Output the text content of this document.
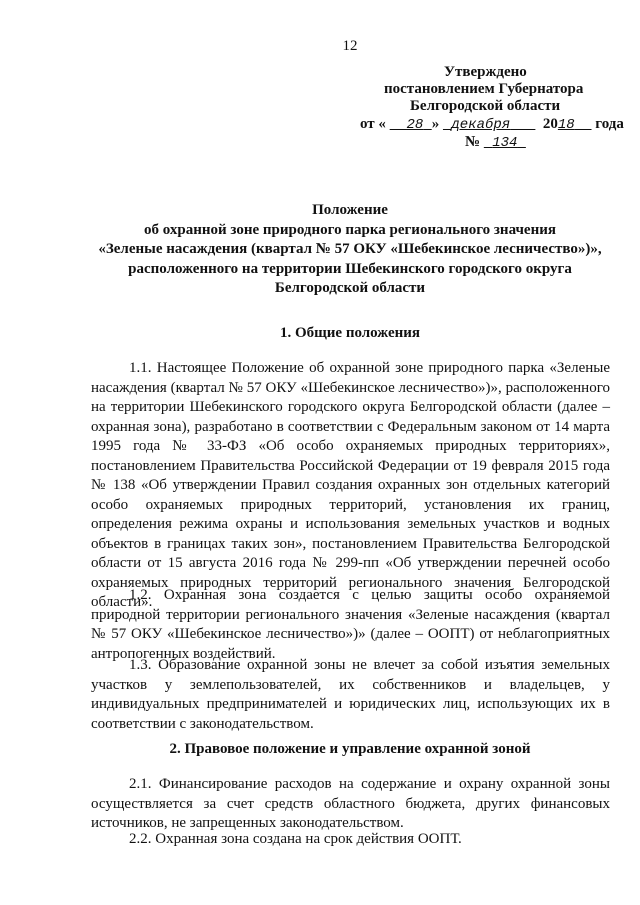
12
Утверждено
постановлением Губернатора
Белгородской области
от « 28 » декабря 2018 года
№ 134
Положение
об охранной зоне природного парка регионального значения
«Зеленые насаждения (квартал № 57 ОКУ «Шебекинское лесничество»)»,
расположенного на территории Шебекинского городского округа
Белгородской области
1. Общие положения
1.1. Настоящее Положение об охранной зоне природного парка «Зеленые насаждения (квартал № 57 ОКУ «Шебекинское лесничество»)», расположенного на территории Шебекинского городского округа Белгородской области (далее – охранная зона), разработано в соответствии с Федеральным законом от 14 марта 1995 года № 33-ФЗ «Об особо охраняемых природных территориях», постановлением Правительства Российской Федерации от 19 февраля 2015 года № 138 «Об утверждении Правил создания охранных зон отдельных категорий особо охраняемых природных территорий, установления их границ, определения режима охраны и использования земельных участков и водных объектов в границах таких зон», постановлением Правительства Белгородской области от 15 августа 2016 года № 299-пп «Об утверждении перечней особо охраняемых природных территорий регионального значения Белгородской области».
1.2. Охранная зона создается с целью защиты особо охраняемой природной территории регионального значения «Зеленые насаждения (квартал № 57 ОКУ «Шебекинское лесничество»)» (далее – ООПТ) от неблагоприятных антропогенных воздействий.
1.3. Образование охранной зоны не влечет за собой изъятия земельных участков у землепользователей, их собственников и владельцев, у индивидуальных предпринимателей и юридических лиц, использующих их в соответствии с законодательством.
2. Правовое положение и управление охранной зоной
2.1. Финансирование расходов на содержание и охрану охранной зоны осуществляется за счет средств областного бюджета, других финансовых источников, не запрещенных законодательством.
2.2. Охранная зона создана на срок действия ООПТ.
